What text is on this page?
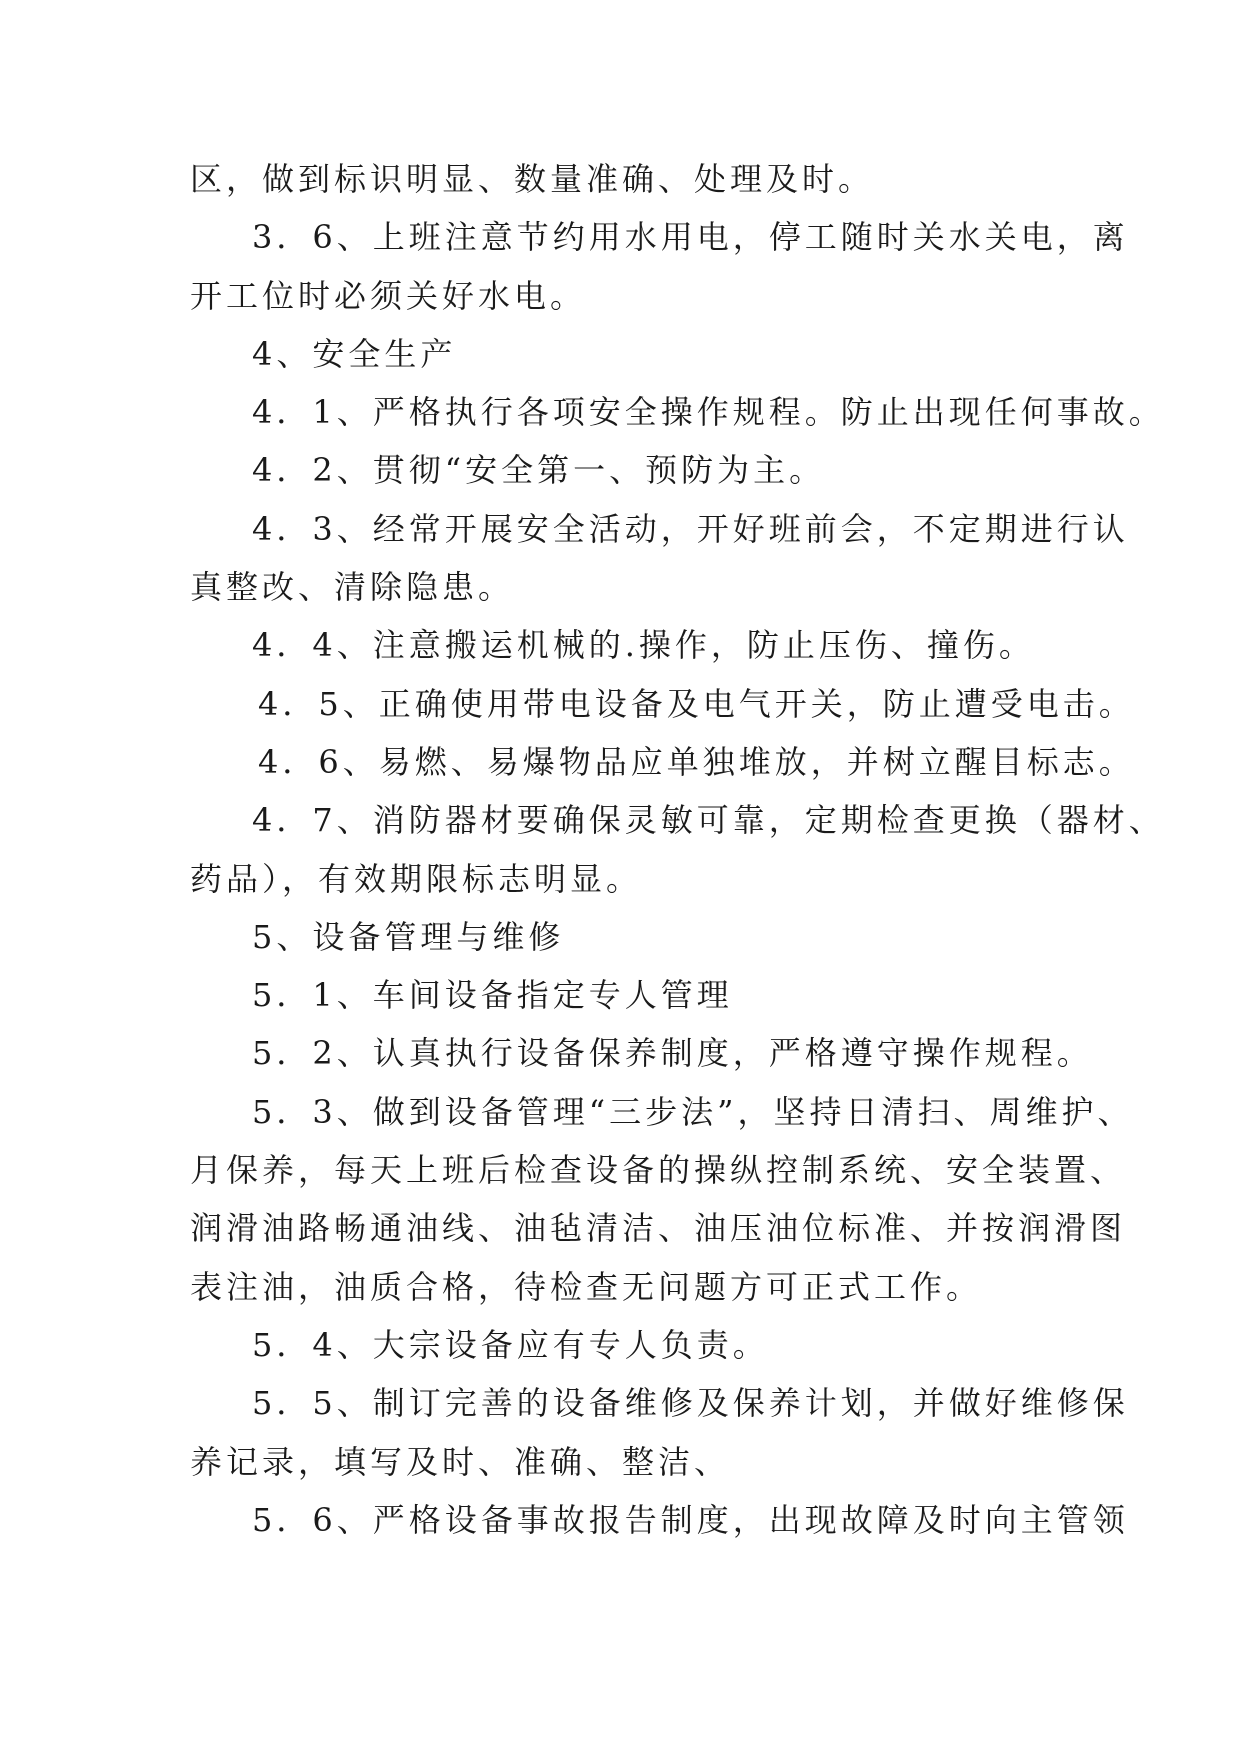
区，做到标识明显、数量准确、处理及时。
3．6、上班注意节约用水用电，停工随时关水关电，离
开工位时必须关好水电。
4、安全生产
4．1、严格执行各项安全操作规程。防止出现任何事故。
4．2、贯彻“安全第一、预防为主。
4．3、经常开展安全活动，开好班前会，不定期进行认
真整改、清除隐患。
4．4、注意搬运机械的.操作，防止压伤、撞伤。
4．5、正确使用带电设备及电气开关，防止遭受电击。
4．6、易燃、易爆物品应单独堆放，并树立醒目标志。
4．7、消防器材要确保灵敏可靠，定期检查更换（器材、
药品），有效期限标志明显。
5、设备管理与维修
5．1、车间设备指定专人管理
5．2、认真执行设备保养制度，严格遵守操作规程。
5．3、做到设备管理“三步法”，坚持日清扫、周维护、
月保养，每天上班后检查设备的操纵控制系统、安全装置、
润滑油路畅通油线、油毡清洁、油压油位标准、并按润滑图
表注油，油质合格，待检查无问题方可正式工作。
5．4、大宗设备应有专人负责。
5．5、制订完善的设备维修及保养计划，并做好维修保
养记录，填写及时、准确、整洁、
5．6、严格设备事故报告制度，出现故障及时向主管领
